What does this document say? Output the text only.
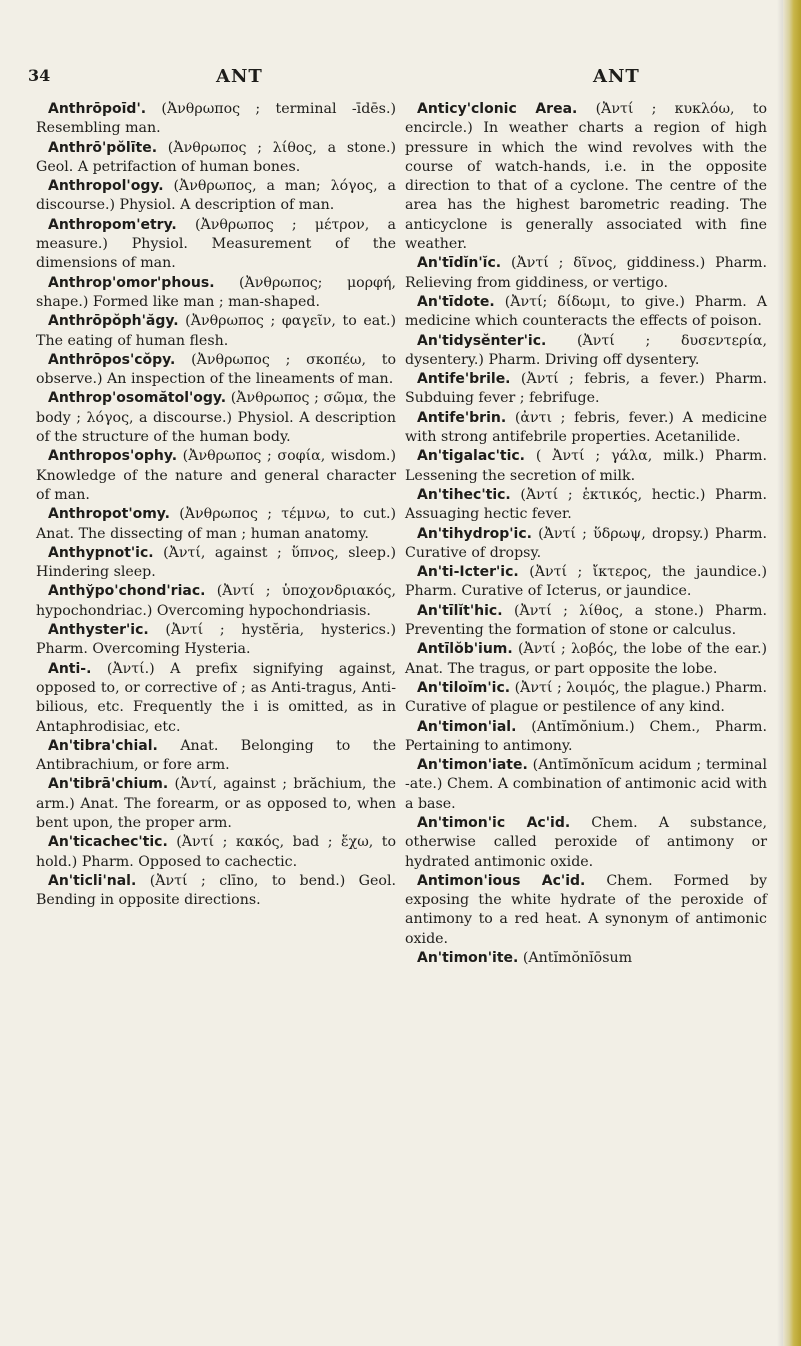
34	ANT	ANT

Anthrōpoīd'. (Ἀνθρωπος ; terminal -īdēs.) Resembling man.

Anthrō'pŏlīte. (Ἀνθρωπος ; λίθος, a stone.) Geol. A petrifaction of human bones.

Anthropol'ogy. (Ἀνθρωπος, a man; λόγος, a discourse.) Physiol. A description of man.

Anthropom'etry. (Ἀνθρωπος ; μέτρον, a measure.) Physiol. Measurement of the dimensions of man.

Anthrop'omor'phous. (Ἀνθρωπος; μορφή, shape.) Formed like man ; man-shaped.

Anthrōpŏph'ăgy. (Ἀνθρωπος ; φαγεῖν, to eat.) The eating of human flesh.

Anthrōpos'cŏpy. (Ἀνθρωπος ; σκοπέω, to observe.) An inspection of the lineaments of man.

Anthrop'osomătol'ogy. (Ἀνθρωπος ; σῶμα, the body ; λόγος, a discourse.) Physiol. A description of the structure of the human body.

Anthropos'ophy. (Ἀνθρωπος ; σοφία, wisdom.) Knowledge of the nature and general character of man.

Anthropot'omy. (Ἀνθρωπος ; τέμνω, to cut.) Anat. The dissecting of man ; human anatomy.

Anthypnot'ic. (Ἀντί, against ; ὕπνος, sleep.) Hindering sleep.

Anthўpo'chond'riac. (Ἀντί ; ὑποχονδριακός, hypochondriac.) Overcoming hypochondriasis.

Anthyster'ic. (Ἀντί ; hystĕria, hysterics.) Pharm. Overcoming Hysteria.

Anti-. (Ἀντί.) A prefix signifying against, opposed to, or corrective of ; as Anti-tragus, Anti-bilious, etc. Frequently the i is omitted, as in Antaphrodisiac, etc.

An'tibra'chial. Anat. Belonging to the Antibrachium, or fore arm.

An'tibrā'chium. (Ἀντί, against ; brăchium, the arm.) Anat. The forearm, or as opposed to, when bent upon, the proper arm.

An'ticachec'tic. (Ἀντί ; κακός, bad ; ἔχω, to hold.) Pharm. Opposed to cachectic.

An'ticli'nal. (Ἀντί ; clīno, to bend.) Geol. Bending in opposite directions.

Anticy'clonic Area. (Ἀντί ; κυκλόω, to encircle.) In weather charts a region of high pressure in which the wind revolves with the course of watch-hands, i.e. in the opposite direction to that of a cyclone. The centre of the area has the highest barometric reading. The anticyclone is generally associated with fine weather.

An'tīdĭn'ĭc. (Ἀντί ; δῖνος, giddiness.) Pharm. Relieving from giddiness, or vertigo.

An'tīdote. (Ἀντί; δίδωμι, to give.) Pharm. A medicine which counteracts the effects of poison.

An'tidysĕnter'ic. (Ἀντί ; δυσεντερία, dysentery.) Pharm. Driving off dysentery.

Antife'brile. (Ἀντί ; febris, a fever.) Pharm. Subduing fever ; febrifuge.

Antife'brin. (ἀντι ; febris, fever.) A medicine with strong antifebrile properties. Acetanilide.

An'tigalac'tic. ( Ἀντί ; γάλα, milk.) Pharm. Lessening the secretion of milk.

An'tihec'tic. (Ἀντί ; ἑκτικός, hectic.) Pharm. Assuaging hectic fever.

An'tihydrop'ic. (Ἀντί ; ὕδρωψ, dropsy.) Pharm. Curative of dropsy.

An'ti-Icter'ic. (Ἀντί ; ἴκτερος, the jaundice.) Pharm. Curative of Icterus, or jaundice.

An'tīlĭt'hic. (Ἀντί ; λίθος, a stone.) Pharm. Preventing the formation of stone or calculus.

Antīlŏb'ium. (Ἀντί ; λοβός, the lobe of the ear.) Anat. The tragus, or part opposite the lobe.

An'tiloĭm'ic. (Ἀντί ; λοιμός, the plague.) Pharm. Curative of plague or pestilence of any kind.

An'timon'ial. (Antĭmŏnium.) Chem., Pharm. Pertaining to antimony.

An'timon'iate. (Antĭmŏnĭcum acidum ; terminal -ate.) Chem. A combination of antimonic acid with a base.

An'timon'ic Ac'id. Chem. A substance, otherwise called peroxide of antimony or hydrated antimonic oxide.

Antimon'ious Ac'id. Chem. Formed by exposing the white hydrate of the peroxide of antimony to a red heat. A synonym of antimonic oxide.

An'timon'ite. (Antĭmŏnĭōsum
